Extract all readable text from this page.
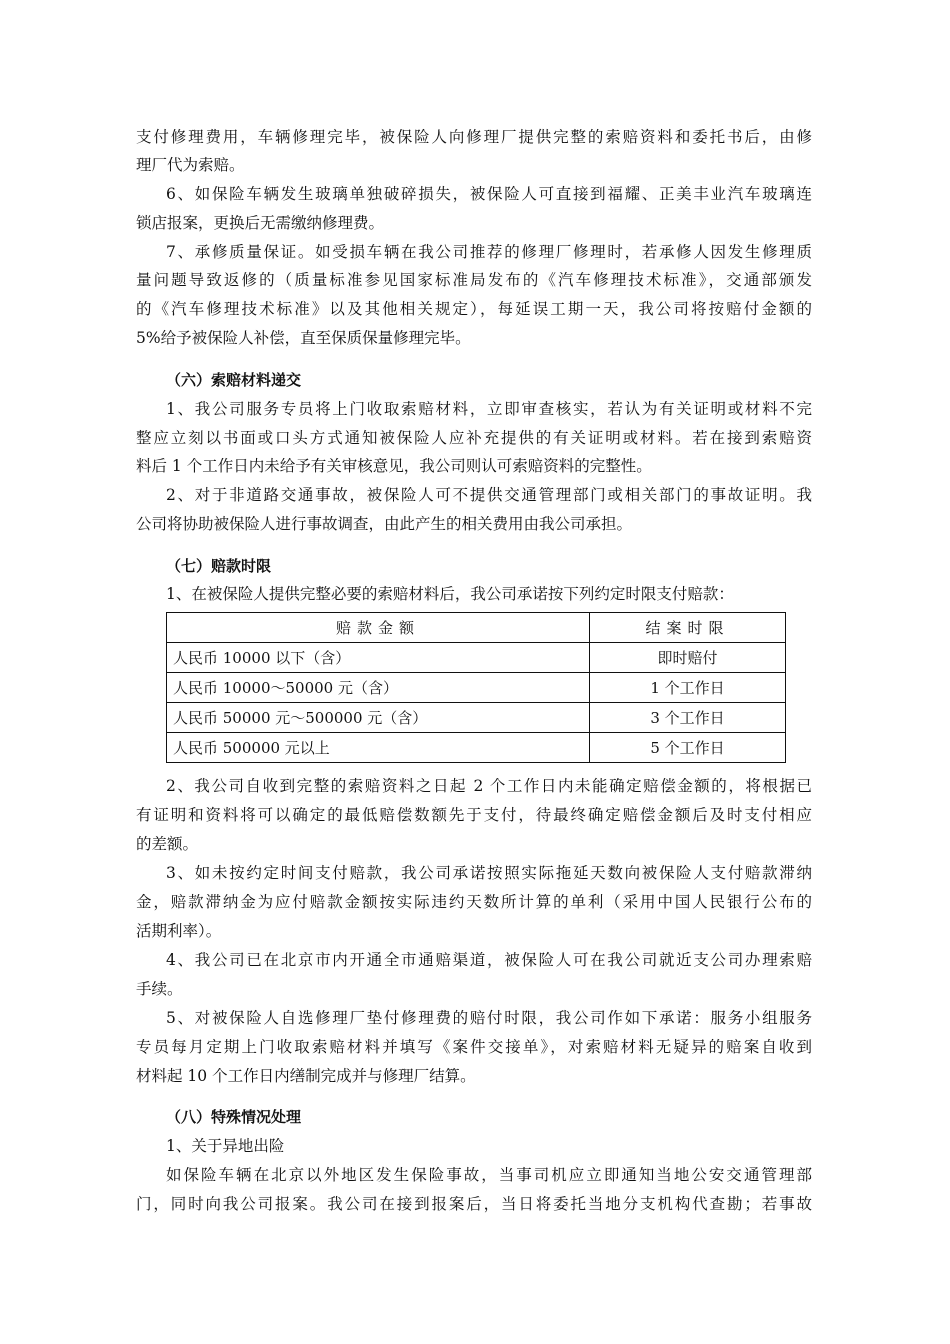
支付修理费用，车辆修理完毕，被保险人向修理厂提供完整的索赔资料和委托书后，由修
理厂代为索赔。
6、如保险车辆发生玻璃单独破碎损失，被保险人可直接到福耀、正美丰业汽车玻璃连
锁店报案，更换后无需缴纳修理费。
7、承修质量保证。如受损车辆在我公司推荐的修理厂修理时，若承修人因发生修理质
量问题导致返修的（质量标准参见国家标准局发布的《汽车修理技术标准》，交通部颁发
的《汽车修理技术标准》以及其他相关规定），每延误工期一天，我公司将按赔付金额的
5%给予被保险人补偿，直至保质保量修理完毕。
（六）索赔材料递交
1、我公司服务专员将上门收取索赔材料，立即审查核实，若认为有关证明或材料不完
整应立刻以书面或口头方式通知被保险人应补充提供的有关证明或材料。若在接到索赔资
料后 1 个工作日内未给予有关审核意见，我公司则认可索赔资料的完整性。
2、对于非道路交通事故，被保险人可不提供交通管理部门或相关部门的事故证明。我
公司将协助被保险人进行事故调查，由此产生的相关费用由我公司承担。
（七）赔款时限
1、在被保险人提供完整必要的索赔材料后，我公司承诺按下列约定时限支付赔款：
赔款金额	结案时限
人民币 10000 以下（含）	即时赔付
人民币 10000～50000 元（含）	1 个工作日
人民币 50000 元～500000 元（含）	3 个工作日
人民币 500000 元以上	5 个工作日
2、我公司自收到完整的索赔资料之日起 2 个工作日内未能确定赔偿金额的，将根据已
有证明和资料将可以确定的最低赔偿数额先于支付，待最终确定赔偿金额后及时支付相应
的差额。
3、如未按约定时间支付赔款，我公司承诺按照实际拖延天数向被保险人支付赔款滞纳
金，赔款滞纳金为应付赔款金额按实际违约天数所计算的单利（采用中国人民银行公布的
活期利率）。
4、我公司已在北京市内开通全市通赔渠道，被保险人可在我公司就近支公司办理索赔
手续。
5、对被保险人自选修理厂垫付修理费的赔付时限，我公司作如下承诺：服务小组服务
专员每月定期上门收取索赔材料并填写《案件交接单》，对索赔材料无疑异的赔案自收到
材料起 10 个工作日内缮制完成并与修理厂结算。
（八）特殊情况处理
1、关于异地出险
如保险车辆在北京以外地区发生保险事故，当事司机应立即通知当地公安交通管理部
门，同时向我公司报案。我公司在接到报案后，当日将委托当地分支机构代查勘；若事故
